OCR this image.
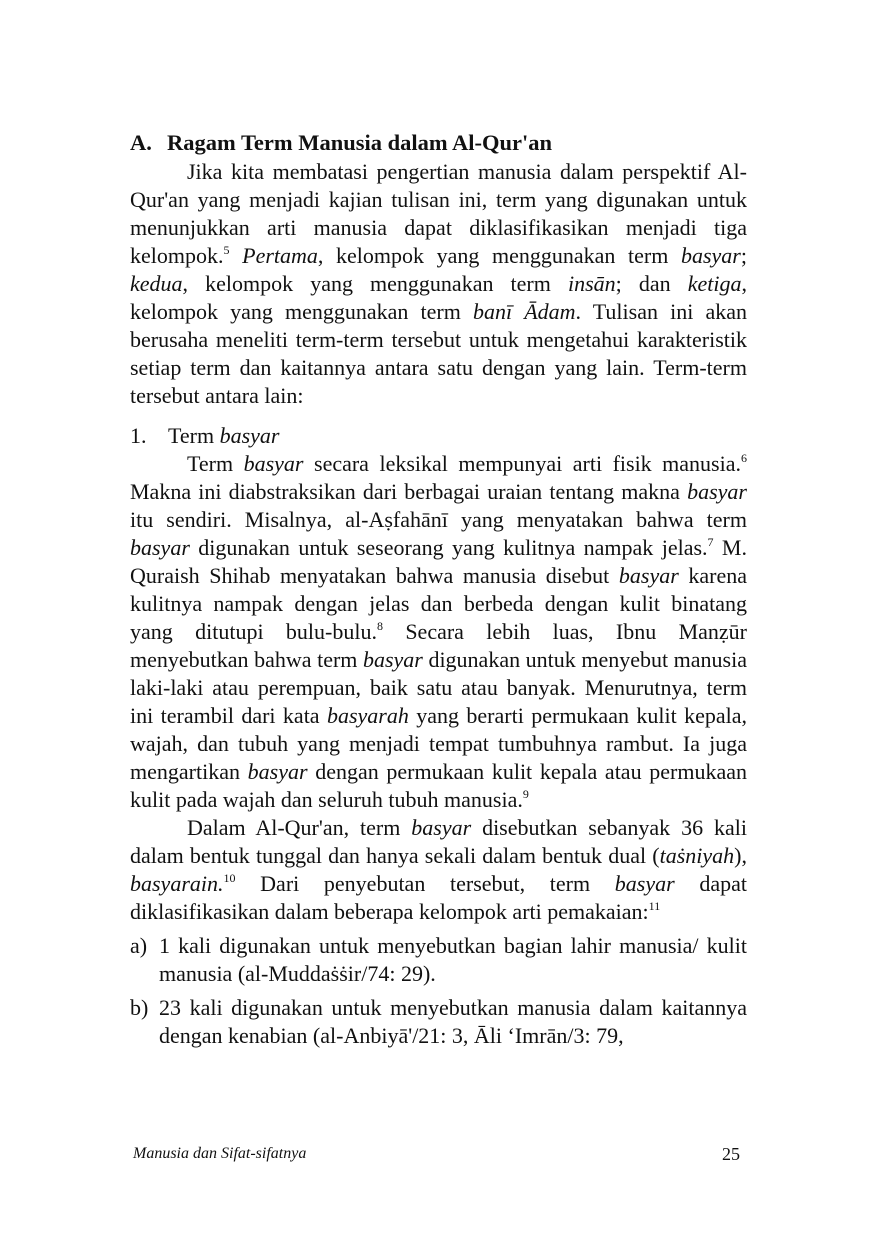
A. Ragam Term Manusia dalam Al-Qur'an

Jika kita membatasi pengertian manusia dalam perspektif Al-Qur'an yang menjadi kajian tulisan ini, term yang digunakan untuk menunjukkan arti manusia dapat diklasifikasikan menjadi tiga kelompok.$^5$ Pertama, kelompok yang menggunakan term basyar; kedua, kelompok yang menggunakan term insān; dan ketiga, kelompok yang menggunakan term banī Ādam. Tulisan ini akan berusaha meneliti term-term tersebut untuk mengetahui karakteristik setiap term dan kaitannya antara satu dengan yang lain. Term-term tersebut antara lain:

1. Term basyar

Term basyar secara leksikal mempunyai arti fisik manusia.$^6$ Makna ini diabstraksikan dari berbagai uraian tentang makna basyar itu sendiri. Misalnya, al-Aṣfahānī yang menyatakan bahwa term basyar digunakan untuk seseorang yang kulitnya nampak jelas.$^7$ M. Quraish Shihab menyatakan bahwa manusia disebut basyar karena kulitnya nampak dengan jelas dan berbeda dengan kulit binatang yang ditutupi bulu-bulu.$^8$ Secara lebih luas, Ibnu Manẓūr menyebutkan bahwa term basyar digunakan untuk menyebut manusia laki-laki atau perempuan, baik satu atau banyak. Menurutnya, term ini terambil dari kata basyarah yang berarti permukaan kulit kepala, wajah, dan tubuh yang menjadi tempat tumbuhnya rambut. Ia juga mengartikan basyar dengan permukaan kulit kepala atau permukaan kulit pada wajah dan seluruh tubuh manusia.$^9$

Dalam Al-Qur'an, term basyar disebutkan sebanyak 36 kali dalam bentuk tunggal dan hanya sekali dalam bentuk dual (taṡniyah), basyarain.$^{10}$ Dari penyebutan tersebut, term basyar dapat diklasifikasikan dalam beberapa kelompok arti pemakaian:$^{11}$

a) 1 kali digunakan untuk menyebutkan bagian lahir manusia/ kulit manusia (al-Muddaṡṡir/74: 29).

b) 23 kali digunakan untuk menyebutkan manusia dalam kaitannya dengan kenabian (al-Anbiyā'/21: 3, Āli ‘Imrān/3: 79,

Manusia dan Sifat-sifatnya	25
